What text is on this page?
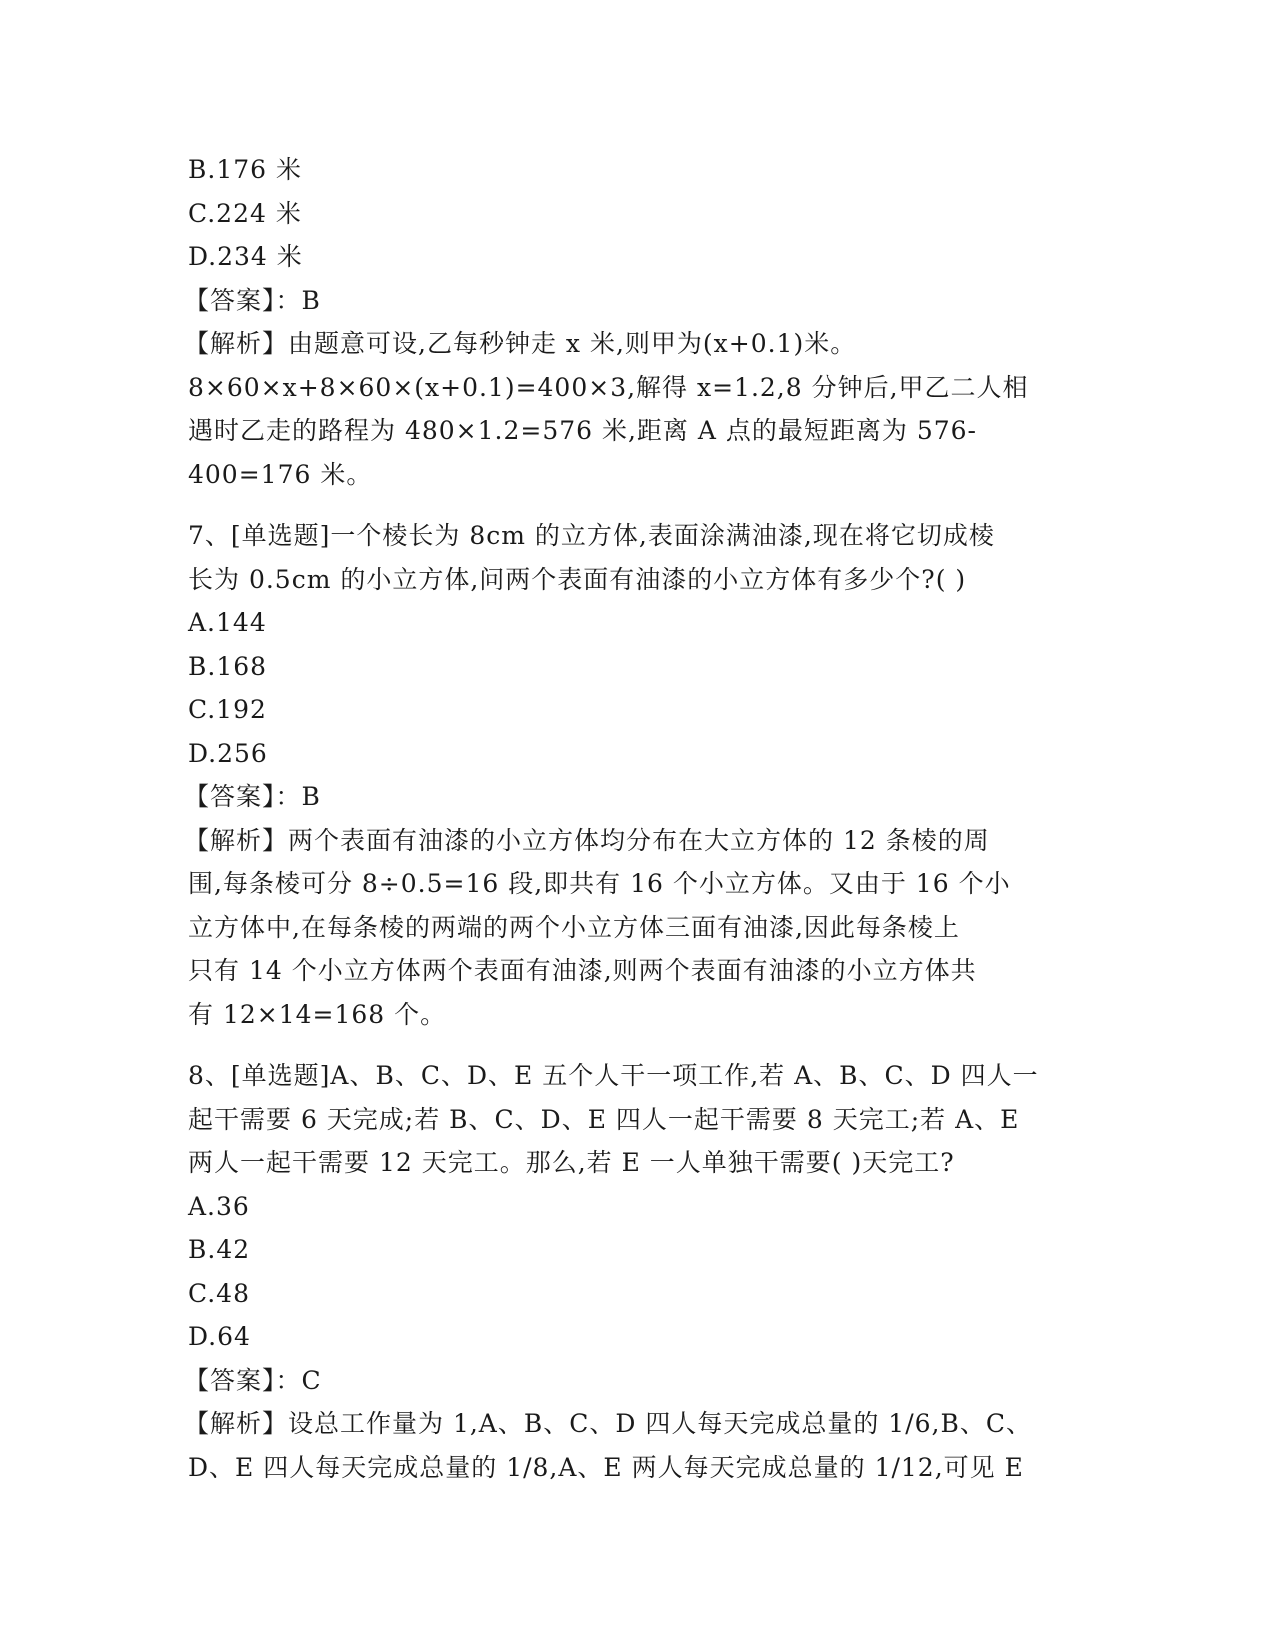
B.176 米
C.224 米
D.234 米
【答案】：B
【解析】由题意可设,乙每秒钟走 x 米,则甲为(x+0.1)米。
8×60×x+8×60×(x+0.1)=400×3,解得 x=1.2,8 分钟后,甲乙二人相
遇时乙走的路程为 480×1.2=576 米,距离 A 点的最短距离为 576-
400=176 米。
7、[单选题]一个棱长为 8cm 的立方体,表面涂满油漆,现在将它切成棱
长为 0.5cm 的小立方体,问两个表面有油漆的小立方体有多少个?( )
A.144
B.168
C.192
D.256
【答案】：B
【解析】两个表面有油漆的小立方体均分布在大立方体的 12 条棱的周
围,每条棱可分 8÷0.5=16 段,即共有 16 个小立方体。又由于 16 个小
立方体中,在每条棱的两端的两个小立方体三面有油漆,因此每条棱上
只有 14 个小立方体两个表面有油漆,则两个表面有油漆的小立方体共
有 12×14=168 个。
8、[单选题]A、B、C、D、E 五个人干一项工作,若 A、B、C、D 四人一
起干需要 6 天完成;若 B、C、D、E 四人一起干需要 8 天完工;若 A、E
两人一起干需要 12 天完工。那么,若 E 一人单独干需要( )天完工?
A.36
B.42
C.48
D.64
【答案】：C
【解析】设总工作量为 1,A、B、C、D 四人每天完成总量的 1/6,B、C、
D、E 四人每天完成总量的 1/8,A、E 两人每天完成总量的 1/12,可见 E
